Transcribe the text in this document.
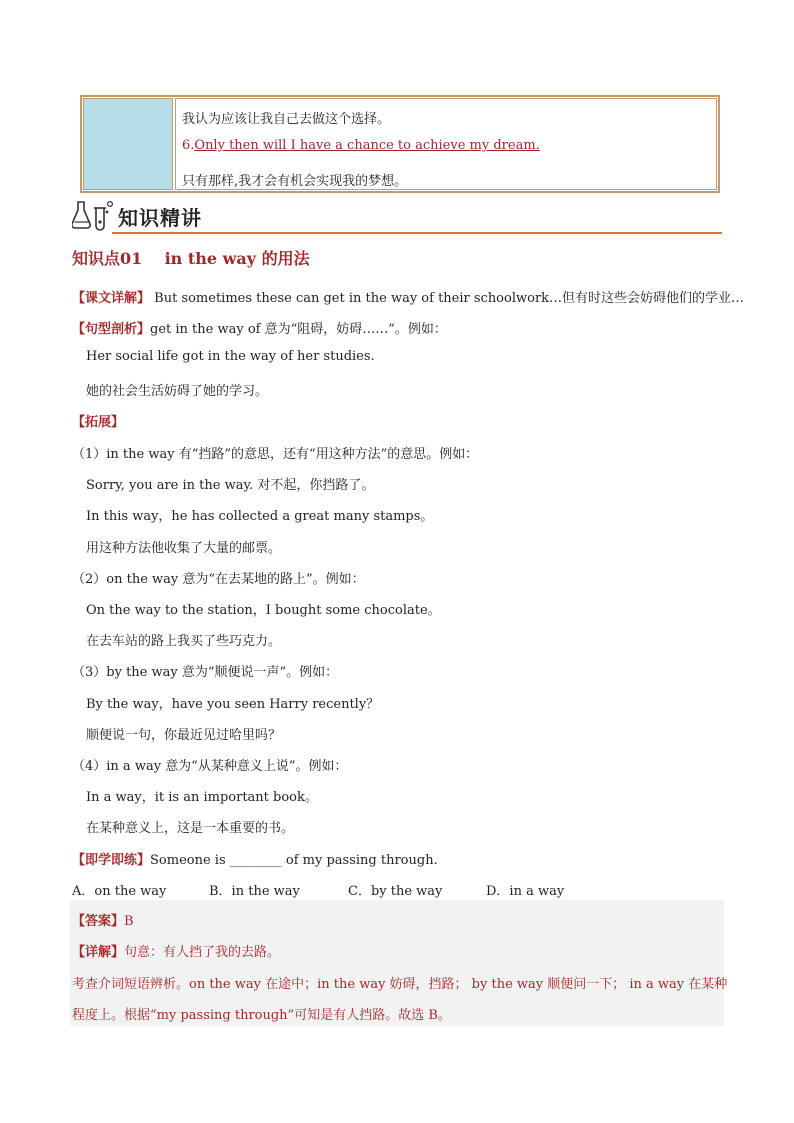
我认为应该让我自己去做这个选择。
6.Only then will I have a chance to achieve my dream.
只有那样,我才会有机会实现我的梦想。
知识精讲
知识点01 in the way 的用法
【课文详解】 But sometimes these can get in the way of their schoolwork…但有时这些会妨碍他们的学业…
【句型剖析】get in the way of 意为“阻碍，妨碍……”。例如：
Her social life got in the way of her studies.
她的社会生活妨碍了她的学习。
【拓展】
（1）in the way 有“挡路”的意思，还有“用这种方法”的意思。例如：
Sorry, you are in the way. 对不起，你挡路了。
In this way，he has collected a great many stamps。
用这种方法他收集了大量的邮票。
（2）on the way 意为“在去某地的路上”。例如：
On the way to the station，I bought some chocolate。
在去车站的路上我买了些巧克力。
（3）by the way 意为“顺便说一声”。例如：
By the way，have you seen Harry recently？
顺便说一句，你最近见过哈里吗？
（4）in a way 意为“从某种意义上说”。例如：
In a way，it is an important book。
在某种意义上，这是一本重要的书。
【即学即练】Someone is ________ of my passing through.
A．on the way	B．in the way	C．by the way	D．in a way
【答案】B
【详解】句意：有人挡了我的去路。
考查介词短语辨析。on the way 在途中；in the way 妨碍，挡路； by the way 顺便问一下； in a way 在某种
程度上。根据“my passing through”可知是有人挡路。故选 B。
